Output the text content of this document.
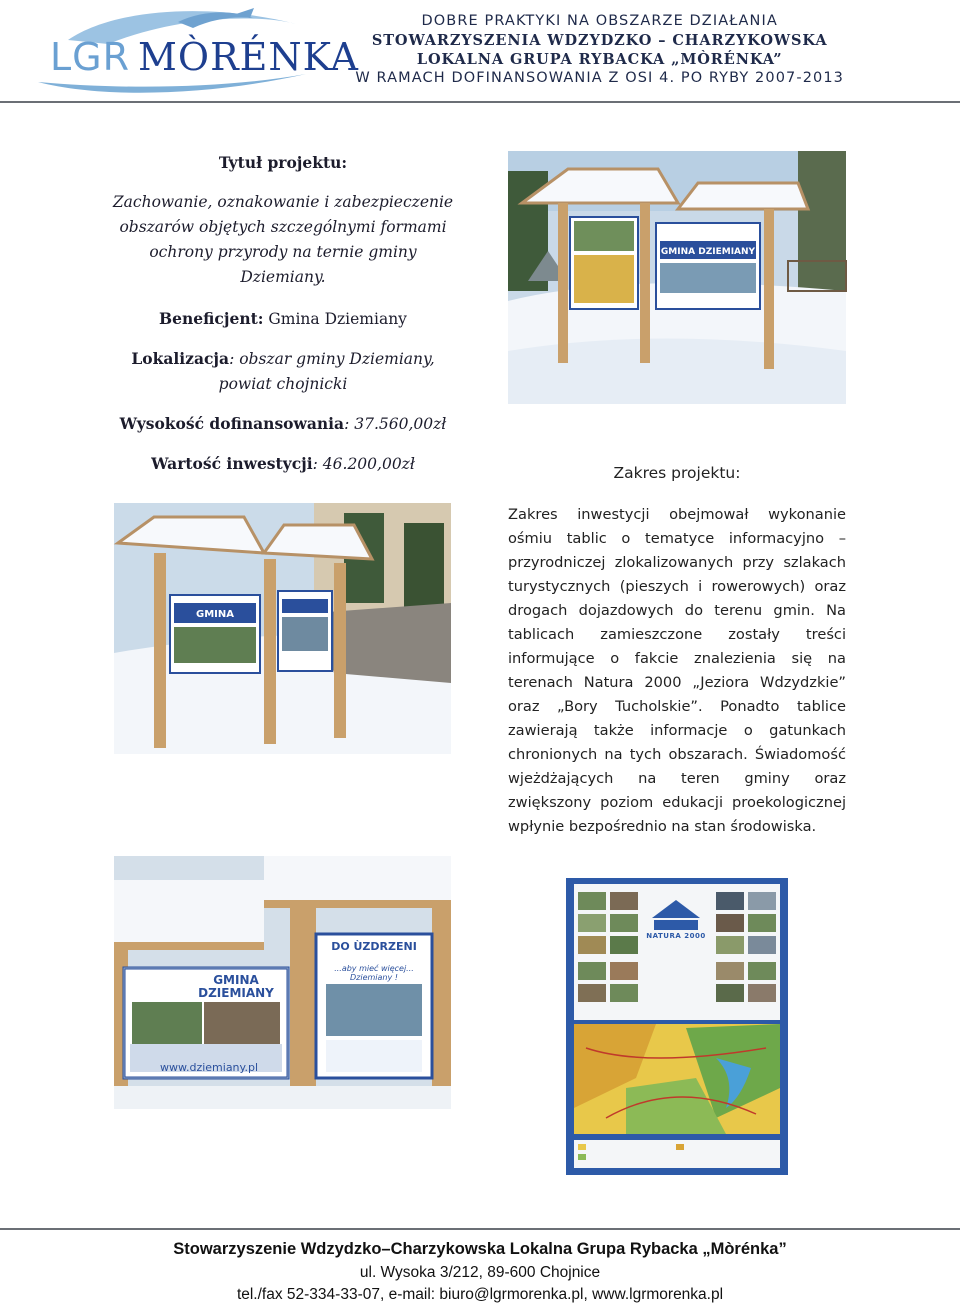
LGR MÒRÉNKA
DOBRE PRAKTYKI NA OBSZARZE DZIAŁANIA
STOWARZYSZENIA WDZYDZKO – CHARZYKOWSKA
LOKALNA GRUPA RYBACKA „MÒRÉNKA”
W RAMACH DOFINANSOWANIA Z OSI 4. PO RYBY 2007-2013

Tytuł projektu:

Zachowanie, oznakowanie i zabezpieczenie obszarów objętych szczególnymi formami ochrony przyrody na ternie gminy Dziemiany.

Beneficjent: Gmina Dziemiany

Lokalizacja: obszar gminy Dziemiany, powiat chojnicki

Wysokość dofinansowania: 37.560,00zł

Wartość inwestycji: 46.200,00zł

GMINA DZIEMIANY
GMINA
GMINA
DZIEMIANY
www.dziemiany.pl
DO ÙZDRZENI
...aby mieć więcej... Dziemiany !
NATURA 2000
Zakres projektu:

Zakres inwestycji obejmował wykonanie ośmiu tablic o tematyce informacyjno – przyrodniczej zlokalizowanych przy szlakach turystycznych (pieszych i rowerowych) oraz drogach dojazdowych do terenu gmin. Na tablicach zamieszczone zostały treści informujące o fakcie znalezienia się na terenach Natura 2000 „Jeziora Wdzydzkie” oraz „Bory Tucholskie”. Ponadto tablice zawierają także informacje o gatunkach chronionych na tych obszarach. Świadomość wjeżdżających na teren gminy oraz zwiększony poziom edukacji proekologicznej wpłynie bezpośrednio na stan środowiska.

Stowarzyszenie Wdzydzko–Charzykowska Lokalna Grupa Rybacka „Mòrénka”
ul. Wysoka 3/212, 89-600 Chojnice
tel./fax 52-334-33-07, e-mail: biuro@lgrmorenka.pl, www.lgrmorenka.pl
